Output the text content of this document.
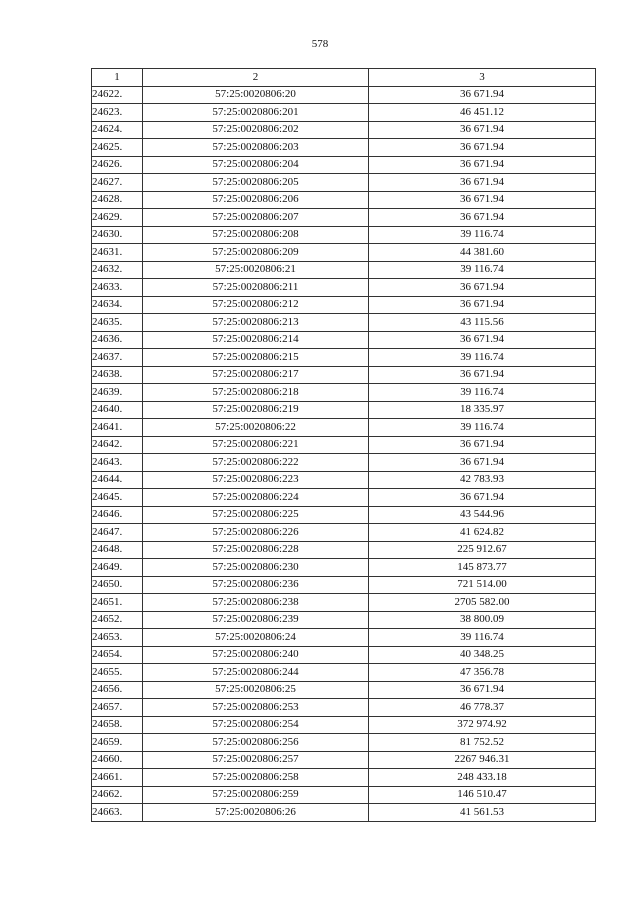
578
1	2	3
24622.	57:25:0020806:20	36 671.94
24623.	57:25:0020806:201	46 451.12
24624.	57:25:0020806:202	36 671.94
24625.	57:25:0020806:203	36 671.94
24626.	57:25:0020806:204	36 671.94
24627.	57:25:0020806:205	36 671.94
24628.	57:25:0020806:206	36 671.94
24629.	57:25:0020806:207	36 671.94
24630.	57:25:0020806:208	39 116.74
24631.	57:25:0020806:209	44 381.60
24632.	57:25:0020806:21	39 116.74
24633.	57:25:0020806:211	36 671.94
24634.	57:25:0020806:212	36 671.94
24635.	57:25:0020806:213	43 115.56
24636.	57:25:0020806:214	36 671.94
24637.	57:25:0020806:215	39 116.74
24638.	57:25:0020806:217	36 671.94
24639.	57:25:0020806:218	39 116.74
24640.	57:25:0020806:219	18 335.97
24641.	57:25:0020806:22	39 116.74
24642.	57:25:0020806:221	36 671.94
24643.	57:25:0020806:222	36 671.94
24644.	57:25:0020806:223	42 783.93
24645.	57:25:0020806:224	36 671.94
24646.	57:25:0020806:225	43 544.96
24647.	57:25:0020806:226	41 624.82
24648.	57:25:0020806:228	225 912.67
24649.	57:25:0020806:230	145 873.77
24650.	57:25:0020806:236	721 514.00
24651.	57:25:0020806:238	2705 582.00
24652.	57:25:0020806:239	38 800.09
24653.	57:25:0020806:24	39 116.74
24654.	57:25:0020806:240	40 348.25
24655.	57:25:0020806:244	47 356.78
24656.	57:25:0020806:25	36 671.94
24657.	57:25:0020806:253	46 778.37
24658.	57:25:0020806:254	372 974.92
24659.	57:25:0020806:256	81 752.52
24660.	57:25:0020806:257	2267 946.31
24661.	57:25:0020806:258	248 433.18
24662.	57:25:0020806:259	146 510.47
24663.	57:25:0020806:26	41 561.53
